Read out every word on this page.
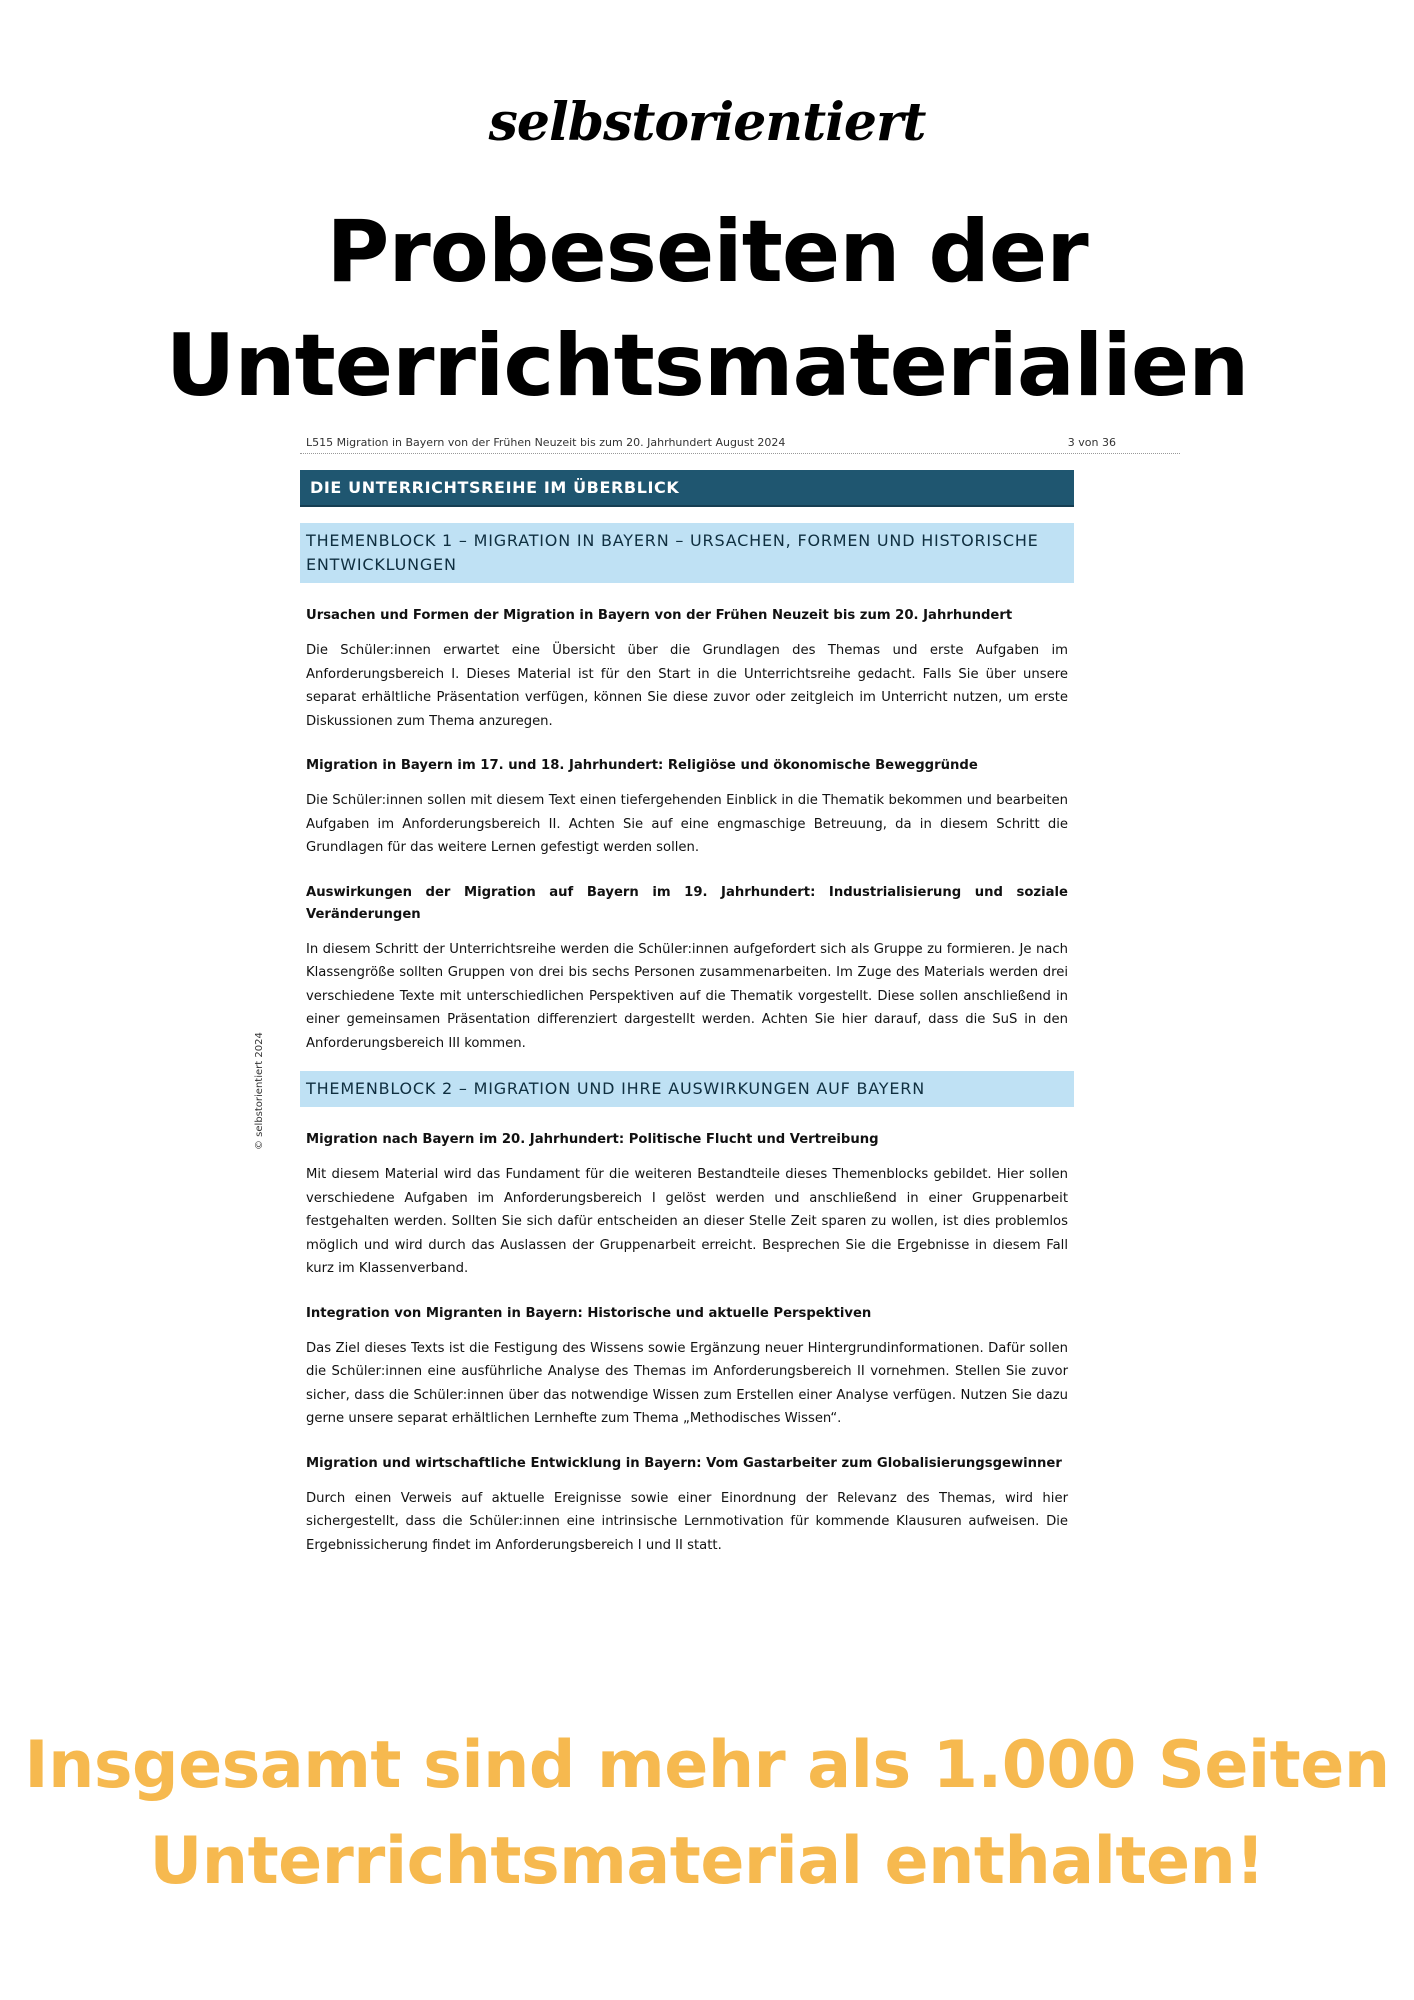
selbstorientiert
Probeseiten der
Unterrichtsmaterialien
© selbstorientiert 2024
L515 Migration in Bayern von der Frühen Neuzeit bis zum 20. Jahrhundert August 2024	3 von 36
DIE UNTERRICHTSREIHE IM ÜBERBLICK
THEMENBLOCK 1 – MIGRATION IN BAYERN – URSACHEN, FORMEN UND HISTORISCHE ENTWICKLUNGEN
Ursachen und Formen der Migration in Bayern von der Frühen Neuzeit bis zum 20. Jahrhundert
Die Schüler:innen erwartet eine Übersicht über die Grundlagen des Themas und erste Aufgaben im Anforderungsbereich I. Dieses Material ist für den Start in die Unterrichtsreihe gedacht. Falls Sie über unsere separat erhältliche Präsentation verfügen, können Sie diese zuvor oder zeitgleich im Unterricht nutzen, um erste Diskussionen zum Thema anzuregen.
Migration in Bayern im 17. und 18. Jahrhundert: Religiöse und ökonomische Beweggründe
Die Schüler:innen sollen mit diesem Text einen tiefergehenden Einblick in die Thematik bekommen und bearbeiten Aufgaben im Anforderungsbereich II. Achten Sie auf eine engmaschige Betreuung, da in diesem Schritt die Grundlagen für das weitere Lernen gefestigt werden sollen.
Auswirkungen der Migration auf Bayern im 19. Jahrhundert: Industrialisierung und soziale Veränderungen
In diesem Schritt der Unterrichtsreihe werden die Schüler:innen aufgefordert sich als Gruppe zu formieren. Je nach Klassengröße sollten Gruppen von drei bis sechs Personen zusammenarbeiten. Im Zuge des Materials werden drei verschiedene Texte mit unterschiedlichen Perspektiven auf die Thematik vorgestellt. Diese sollen anschließend in einer gemeinsamen Präsentation differenziert dargestellt werden. Achten Sie hier darauf, dass die SuS in den Anforderungsbereich III kommen.
THEMENBLOCK 2 – MIGRATION UND IHRE AUSWIRKUNGEN AUF BAYERN
Migration nach Bayern im 20. Jahrhundert: Politische Flucht und Vertreibung
Mit diesem Material wird das Fundament für die weiteren Bestandteile dieses Themenblocks gebildet. Hier sollen verschiedene Aufgaben im Anforderungsbereich I gelöst werden und anschließend in einer Gruppenarbeit festgehalten werden. Sollten Sie sich dafür entscheiden an dieser Stelle Zeit sparen zu wollen, ist dies problemlos möglich und wird durch das Auslassen der Gruppenarbeit erreicht. Besprechen Sie die Ergebnisse in diesem Fall kurz im Klassenverband.
Integration von Migranten in Bayern: Historische und aktuelle Perspektiven
Das Ziel dieses Texts ist die Festigung des Wissens sowie Ergänzung neuer Hintergrundinformationen. Dafür sollen die Schüler:innen eine ausführliche Analyse des Themas im Anforderungsbereich II vornehmen. Stellen Sie zuvor sicher, dass die Schüler:innen über das notwendige Wissen zum Erstellen einer Analyse verfügen. Nutzen Sie dazu gerne unsere separat erhältlichen Lernhefte zum Thema „Methodisches Wissen“.
Migration und wirtschaftliche Entwicklung in Bayern: Vom Gastarbeiter zum Globalisierungsgewinner
Durch einen Verweis auf aktuelle Ereignisse sowie einer Einordnung der Relevanz des Themas, wird hier sichergestellt, dass die Schüler:innen eine intrinsische Lernmotivation für kommende Klausuren aufweisen. Die Ergebnissicherung findet im Anforderungsbereich I und II statt.
Insgesamt sind mehr als 1.000 Seiten
Unterrichtsmaterial enthalten!
